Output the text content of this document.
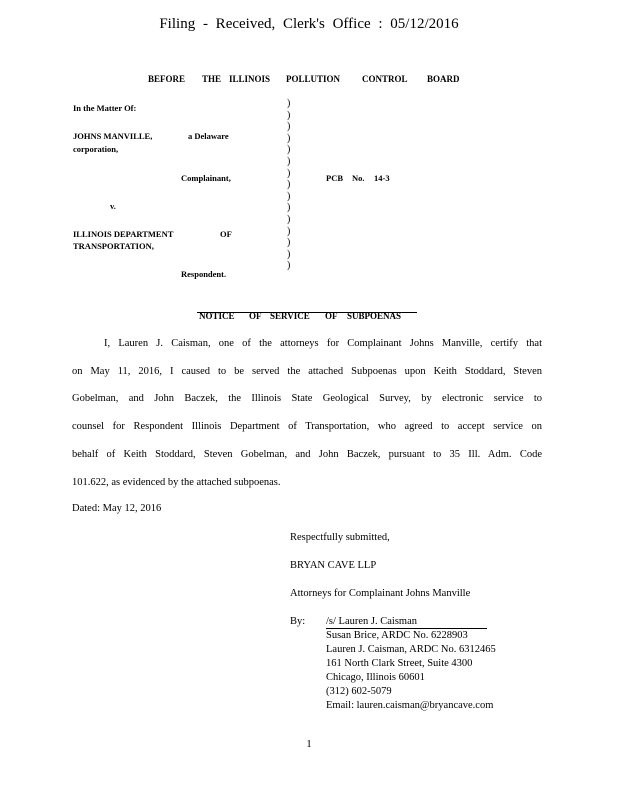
Filing - Received, Clerk's Office : 05/12/2016
BEFORE THE ILLINOIS POLLUTION CONTROL BOARD
In the Matter Of:
JOHNS MANVILLE,	a Delaware
corporation,
Complainant,
v.
ILLINOIS DEPARTMENT	OF
TRANSPORTATION,
Respondent.
)
)
)
)
)
)
)
)
)
)
)
)
)
)
)
PCB No. 14-3
NOTICE OF SERVICE OF SUBPOENAS
I, Lauren J. Caisman, one of the attorneys for Complainant Johns Manville, certify that
on May 11, 2016, I caused to be served the attached Subpoenas upon Keith Stoddard, Steven
Gobelman, and John Baczek, the Illinois State Geological Survey, by electronic service to
counsel for Respondent Illinois Department of Transportation, who agreed to accept service on
behalf of Keith Stoddard, Steven Gobelman, and John Baczek, pursuant to 35 Ill. Adm. Code
101.622, as evidenced by the attached subpoenas.
Dated: May 12, 2016
Respectfully submitted,
BRYAN CAVE LLP
Attorneys for Complainant Johns Manville
By: /s/ Lauren J. Caisman
Susan Brice, ARDC No. 6228903
Lauren J. Caisman, ARDC No. 6312465
161 North Clark Street, Suite 4300
Chicago, Illinois 60601
(312) 602-5079
Email: lauren.caisman@bryancave.com
1
